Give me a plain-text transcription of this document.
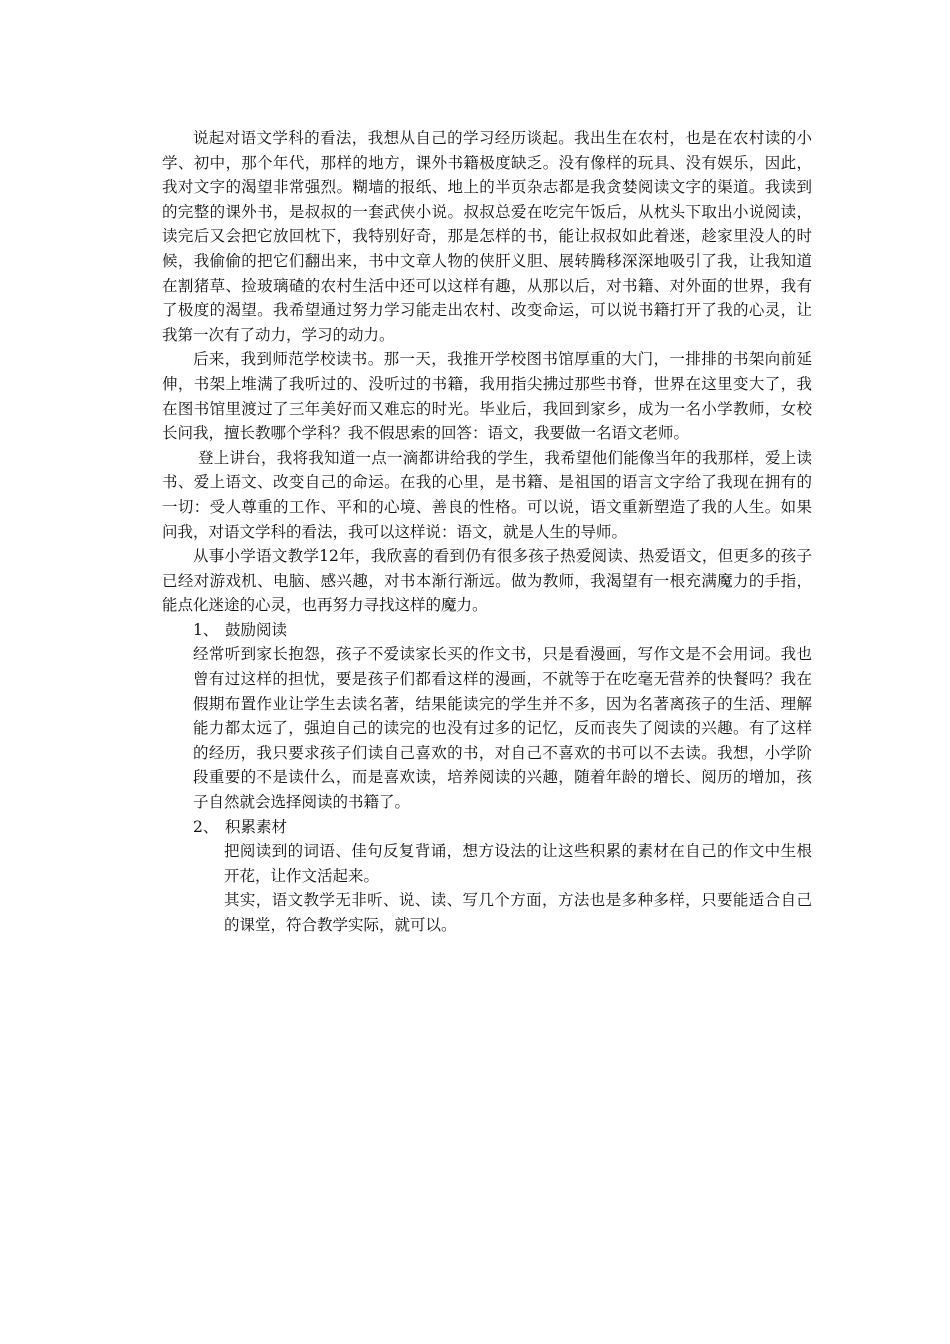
说起对语文学科的看法，我想从自己的学习经历谈起。我出生在农村，也是在农村读的小学、初中，那个年代，那样的地方，课外书籍极度缺乏。没有像样的玩具、没有娱乐，因此，我对文字的渴望非常强烈。糊墙的报纸、地上的半页杂志都是我贪婪阅读文字的渠道。我读到的完整的课外书，是叔叔的一套武侠小说。叔叔总爱在吃完午饭后，从枕头下取出小说阅读，读完后又会把它放回枕下，我特别好奇，那是怎样的书，能让叔叔如此着迷，趁家里没人的时候，我偷偷的把它们翻出来，书中文章人物的侠肝义胆、展转腾移深深地吸引了我，让我知道在割猪草、捡玻璃碴的农村生活中还可以这样有趣，从那以后，对书籍、对外面的世界，我有了极度的渴望。我希望通过努力学习能走出农村、改变命运，可以说书籍打开了我的心灵，让我第一次有了动力，学习的动力。

后来，我到师范学校读书。那一天，我推开学校图书馆厚重的大门，一排排的书架向前延伸，书架上堆满了我听过的、没听过的书籍，我用指尖拂过那些书脊，世界在这里变大了，我在图书馆里渡过了三年美好而又难忘的时光。毕业后，我回到家乡，成为一名小学教师，女校长问我，擅长教哪个学科？我不假思索的回答：语文，我要做一名语文老师。

登上讲台，我将我知道一点一滴都讲给我的学生，我希望他们能像当年的我那样，爱上读书、爱上语文、改变自己的命运。在我的心里，是书籍、是祖国的语言文字给了我现在拥有的一切：受人尊重的工作、平和的心境、善良的性格。可以说，语文重新塑造了我的人生。如果问我，对语文学科的看法，我可以这样说：语文，就是人生的导师。

从事小学语文教学12年，我欣喜的看到仍有很多孩子热爱阅读、热爱语文，但更多的孩子已经对游戏机、电脑、感兴趣，对书本渐行渐远。做为教师，我渴望有一根充满魔力的手指，能点化迷途的心灵，也再努力寻找这样的魔力。

1、 鼓励阅读

经常听到家长抱怨，孩子不爱读家长买的作文书，只是看漫画，写作文是不会用词。我也曾有过这样的担忧，要是孩子们都看这样的漫画，不就等于在吃毫无营养的快餐吗？我在假期布置作业让学生去读名著，结果能读完的学生并不多，因为名著离孩子的生活、理解能力都太远了，强迫自己的读完的也没有过多的记忆，反而丧失了阅读的兴趣。有了这样的经历，我只要求孩子们读自己喜欢的书，对自己不喜欢的书可以不去读。我想，小学阶段重要的不是读什么，而是喜欢读，培养阅读的兴趣，随着年龄的增长、阅历的增加，孩子自然就会选择阅读的书籍了。

2、 积累素材

把阅读到的词语、佳句反复背诵，想方设法的让这些积累的素材在自己的作文中生根开花，让作文活起来。

其实，语文教学无非听、说、读、写几个方面，方法也是多种多样，只要能适合自己的课堂，符合教学实际，就可以。
